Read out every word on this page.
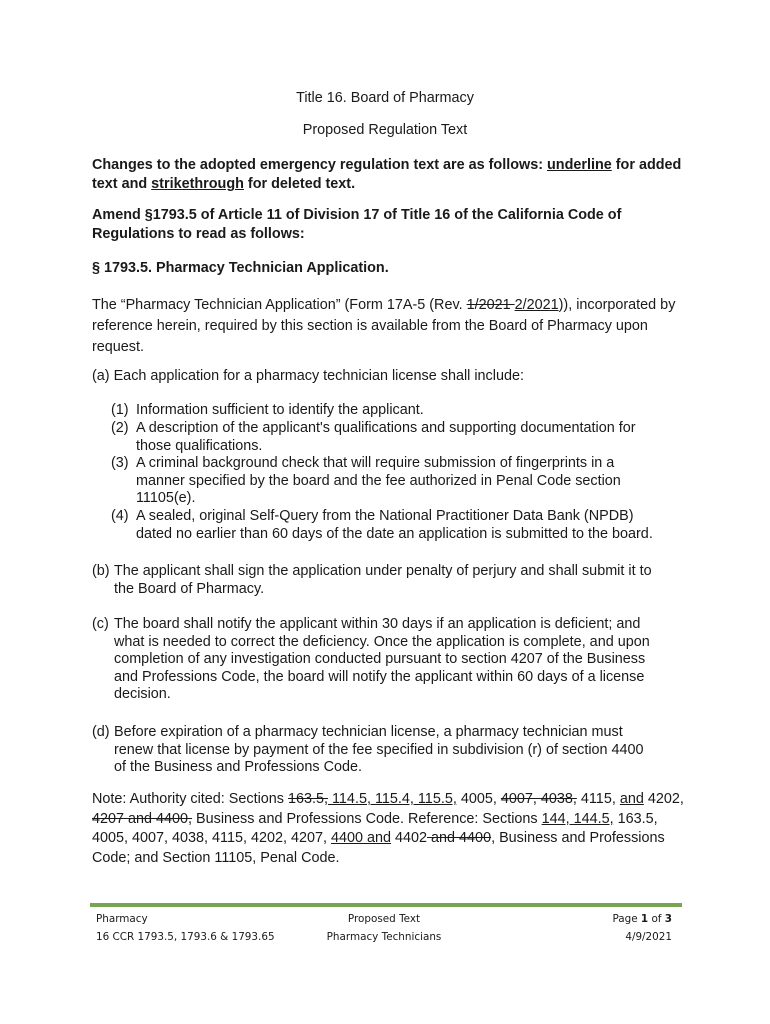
Title 16. Board of Pharmacy
Proposed Regulation Text
Changes to the adopted emergency regulation text are as follows: underline for added text and strikethrough for deleted text.
Amend §1793.5 of Article 11 of Division 17 of Title 16 of the California Code of Regulations to read as follows:
§ 1793.5. Pharmacy Technician Application.
The “Pharmacy Technician Application” (Form 17A-5 (Rev. 1/2021 2/2021)), incorporated by reference herein, required by this section is available from the Board of Pharmacy upon request.
(a) Each application for a pharmacy technician license shall include:
(1) Information sufficient to identify the applicant.
(2) A description of the applicant's qualifications and supporting documentation for
those qualifications.
(3) A criminal background check that will require submission of fingerprints in a
manner specified by the board and the fee authorized in Penal Code section
11105(e).
(4) A sealed, original Self-Query from the National Practitioner Data Bank (NPDB)
dated no earlier than 60 days of the date an application is submitted to the board.
(b) The applicant shall sign the application under penalty of perjury and shall submit it to
the Board of Pharmacy.
(c) The board shall notify the applicant within 30 days if an application is deficient; and
what is needed to correct the deficiency. Once the application is complete, and upon
completion of any investigation conducted pursuant to section 4207 of the Business
and Professions Code, the board will notify the applicant within 60 days of a license
decision.
(d) Before expiration of a pharmacy technician license, a pharmacy technician must
renew that license by payment of the fee specified in subdivision (r) of section 4400
of the Business and Professions Code.
Note: Authority cited: Sections 163.5, 114.5, 115.4, 115.5, 4005, 4007, 4038, 4115, and 4202, 4207 and 4400, Business and Professions Code. Reference: Sections 144, 144.5, 163.5, 4005, 4007, 4038, 4115, 4202, 4207, 4400 and 4402 and 4400, Business and Professions Code; and Section 11105, Penal Code.
Pharmacy
16 CCR 1793.5, 1793.6 & 1793.65
Proposed Text
Pharmacy Technicians
Page 1 of 3
4/9/2021
